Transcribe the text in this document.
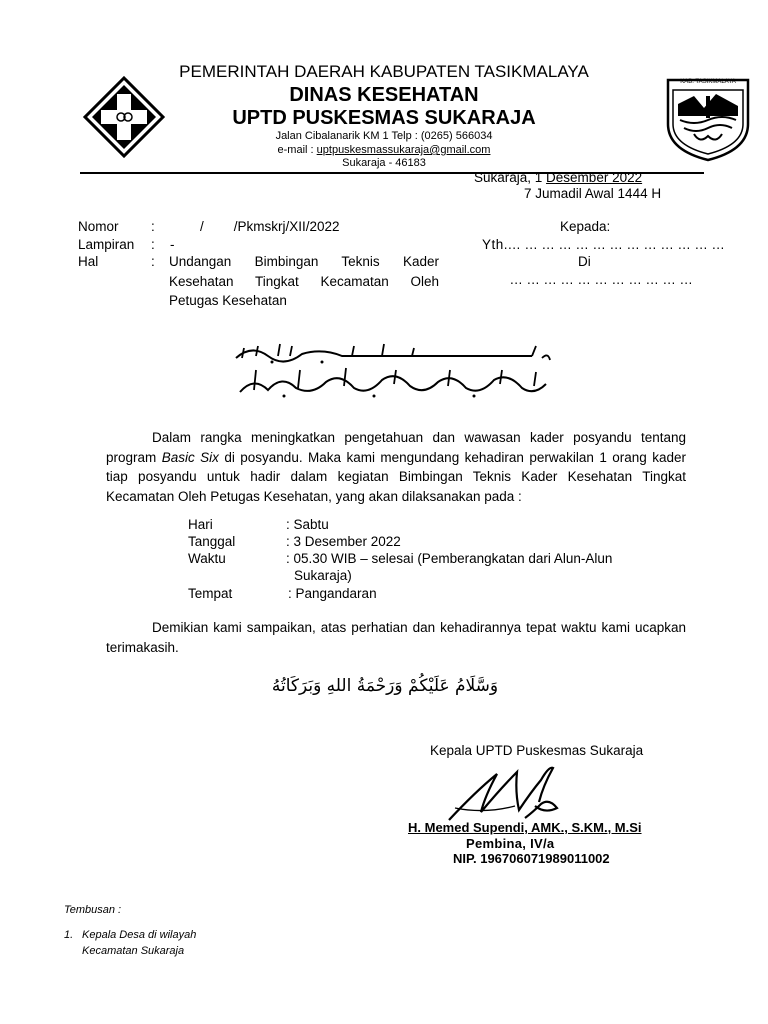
KAB. TASIKMALAYA
PEMERINTAH DAERAH KABUPATEN TASIKMALAYA
DINAS KESEHATAN
UPTD PUSKESMAS SUKARAJA
Jalan Cibalanarik KM 1 Telp : (0265) 566034
e-mail : uptpuskesmassukaraja@gmail.com
Sukaraja - 46183
Sukaraja, 1 Desember 2022
7 Jumadil Awal 1444 H
Nomor :	/        /Pkmskrj/XII/2022
Lampiran : -
Hal	: Undangan Bimbingan Teknis Kader
Kesehatan Tingkat Kecamatan Oleh
Petugas Kesehatan
Kepada:
Yth.... ... ... ... ... ... ... ... ... ... ... ... ...
Di
... ... ... ... ... ... ... ... ... ... ...
Dalam rangka meningkatkan pengetahuan dan wawasan kader posyandu tentang program Basic Six di posyandu. Maka kami mengundang kehadiran perwakilan 1 orang kader tiap posyandu untuk hadir dalam kegiatan Bimbingan Teknis Kader Kesehatan Tingkat Kecamatan Oleh Petugas Kesehatan, yang akan dilaksanakan pada :
Hari	: Sabtu
Tanggal	: 3 Desember 2022
Waktu	: 05.30 WIB – selesai (Pemberangkatan dari Alun-Alun
Sukaraja)
Tempat	: Pangandaran
Demikian kami sampaikan, atas perhatian dan kehadirannya tepat waktu kami ucapkan terimakasih.
وَسَّلَامُ عَلَيْكُمْ وَرَحْمَةُ اللهِ وَبَرَكَاتُهُ
Kepala UPTD Puskesmas Sukaraja
H. Memed Supendi, AMK., S.KM., M.Si
Pembina, IV/a
NIP. 196706071989011002
Tembusan :
1. Kepala Desa di wilayah
Kecamatan Sukaraja
